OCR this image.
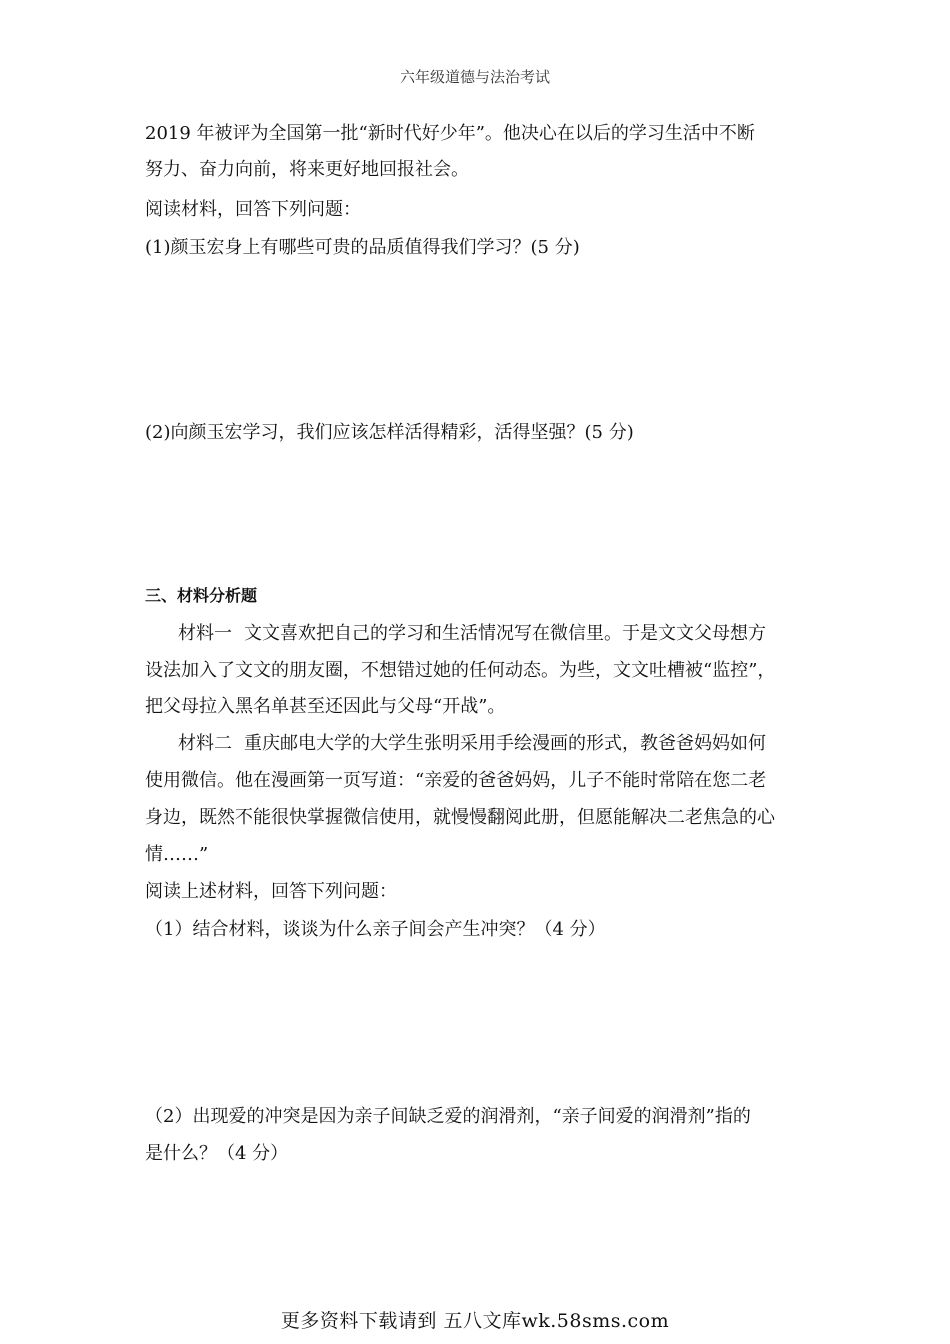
六年级道德与法治考试
2019 年被评为全国第一批“新时代好少年”。他决心在以后的学习生活中不断
努力、奋力向前，将来更好地回报社会。
阅读材料，回答下列问题：
(1)颜玉宏身上有哪些可贵的品质值得我们学习？(5 分)
(2)向颜玉宏学习，我们应该怎样活得精彩，活得坚强？(5 分)
三、材料分析题
材料一 文文喜欢把自己的学习和生活情况写在微信里。于是文文父母想方
设法加入了文文的朋友圈，不想错过她的任何动态。为些，文文吐槽被“监控”，
把父母拉入黑名单甚至还因此与父母“开战”。
材料二 重庆邮电大学的大学生张明采用手绘漫画的形式，教爸爸妈妈如何
使用微信。他在漫画第一页写道：“亲爱的爸爸妈妈，儿子不能时常陪在您二老
身边，既然不能很快掌握微信使用，就慢慢翻阅此册，但愿能解决二老焦急的心
情……”
阅读上述材料，回答下列问题：
（1）结合材料，谈谈为什么亲子间会产生冲突？（4 分）
（2）出现爱的冲突是因为亲子间缺乏爱的润滑剂，“亲子间爱的润滑剂”指的
是什么？（4 分）
更多资料下载请到 五八文库wk.58sms.com
